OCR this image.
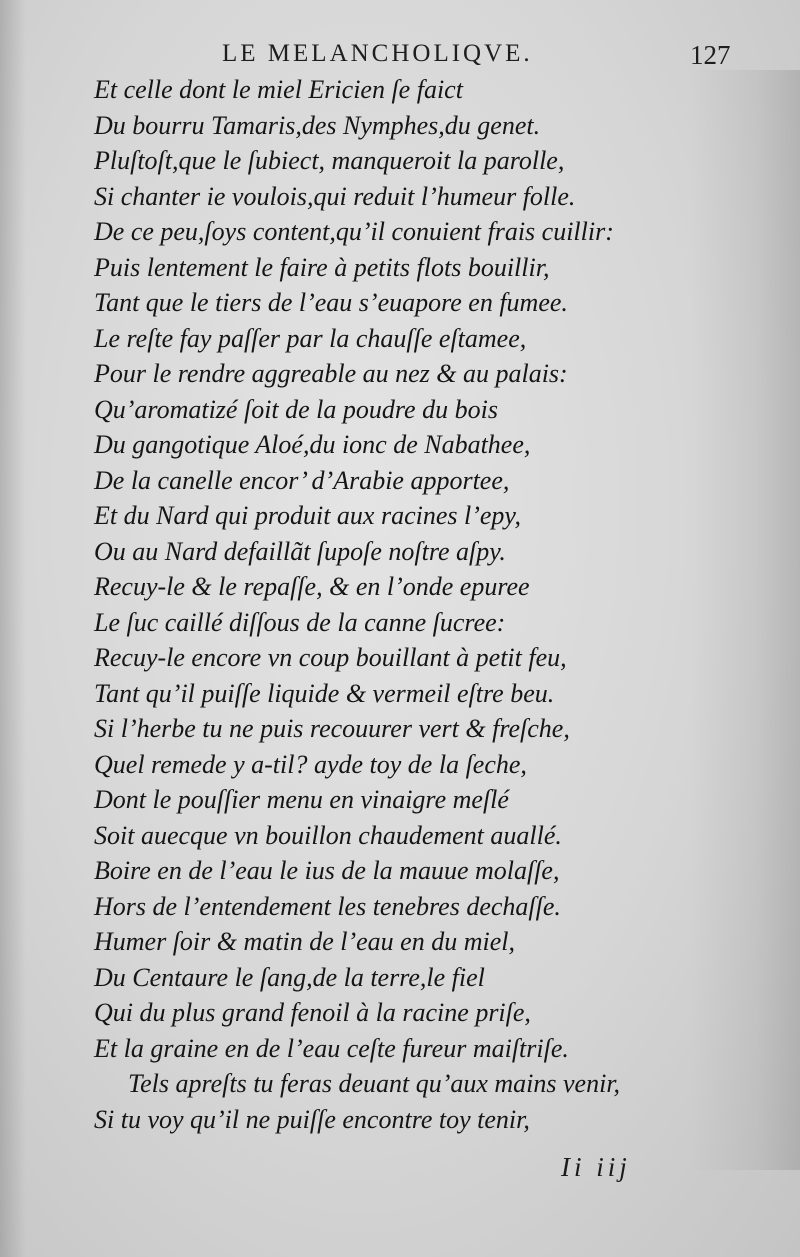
LE MELANCHOLIQVE.	127
Et celle dont le miel Ericien ſe faict
Du bourru Tamaris,des Nymphes,du genet.
Pluſtoſt,que le ſubiect, manqueroit la parolle,
Si chanter ie voulois,qui reduit l’humeur folle.
De ce peu,ſoys content,qu’il conuient frais cuillir:
Puis lentement le faire à petits flots bouillir,
Tant que le tiers de l’eau s’euapore en fumee.
Le reſte fay paſſer par la chauſſe eſtamee,
Pour le rendre aggreable au nez & au palais:
Qu’aromatizé ſoit de la poudre du bois
Du gangotique Aloé,du ionc de Nabathee,
De la canelle encor’ d’Arabie apportee,
Et du Nard qui produit aux racines l’epy,
Ou au Nard defaillãt ſupoſe noſtre aſpy.
Recuy-le & le repaſſe, & en l’onde epuree
Le ſuc caillé diſſous de la canne ſucree:
Recuy-le encore vn coup bouillant à petit feu,
Tant qu’il puiſſe liquide & vermeil eſtre beu.
Si l’herbe tu ne puis recouurer vert & freſche,
Quel remede y a-til? ayde toy de la ſeche,
Dont le pouſſier menu en vinaigre meſlé
Soit auecque vn bouillon chaudement auallé.
Boire en de l’eau le ius de la mauue molaſſe,
Hors de l’entendement les tenebres dechaſſe.
Humer ſoir & matin de l’eau en du miel,
Du Centaure le ſang,de la terre,le fiel
Qui du plus grand fenoil à la racine priſe,
Et la graine en de l’eau ceſte fureur maiſtriſe.
Tels apreſts tu feras deuant qu’aux mains venir,
Si tu voy qu’il ne puiſſe encontre toy tenir,
Ii iij
